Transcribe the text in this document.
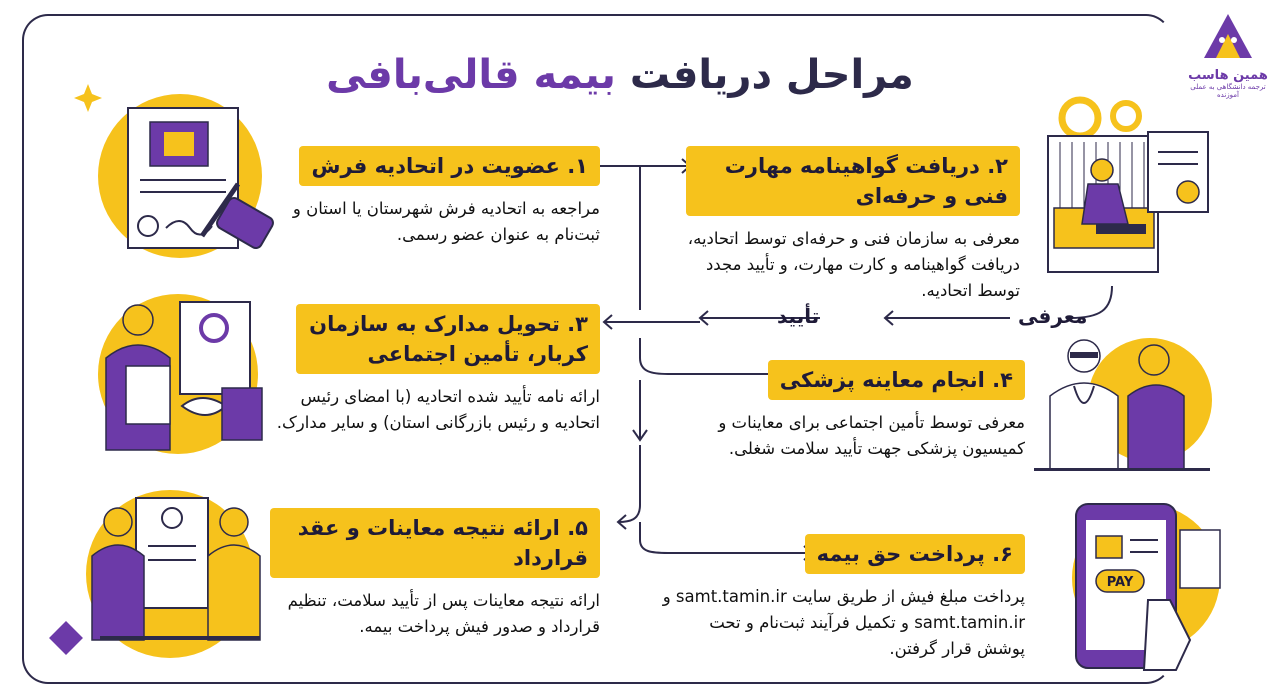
مراحل دریافت بیمه قالی‌بافی	همین هاسب
ترجمه دانشگاهی به عملی آموزنده
معرفی
تأیید
۱. عضویت در اتحادیه فرش
مراجعه به اتحادیه فرش شهرستان یا استان و ثبت‌نام به عنوان عضو رسمی.
۲. دریافت گواهینامه مهارت فنی و حرفه‌ای
معرفی به سازمان فنی و حرفه‌ای توسط اتحادیه، دریافت گواهینامه و کارت مهارت، و تأیید مجدد توسط اتحادیه.
۳. تحویل مدارک به سازمان کربار، تأمین اجتماعی
ارائه نامه تأیید شده اتحادیه (با امضای رئیس اتحادیه و رئیس بازرگانی استان) و سایر مدارک.
۴. انجام معاینه پزشکی
معرفی توسط تأمین اجتماعی برای معاینات و کمیسیون پزشکی جهت تأیید سلامت شغلی.
۵. ارائه نتیجه معاینات و عقد قرارداد
ارائه نتیجه معاینات پس از تأیید سلامت، تنظیم قرارداد و صدور فیش پرداخت بیمه.
۶. پرداخت حق بیمه
پرداخت مبلغ فیش از طریق سایت samt.tamin.ir و samt.tamin.ir و تکمیل فرآیند ثبت‌نام و تحت پوشش قرار گرفتن.
PAY
